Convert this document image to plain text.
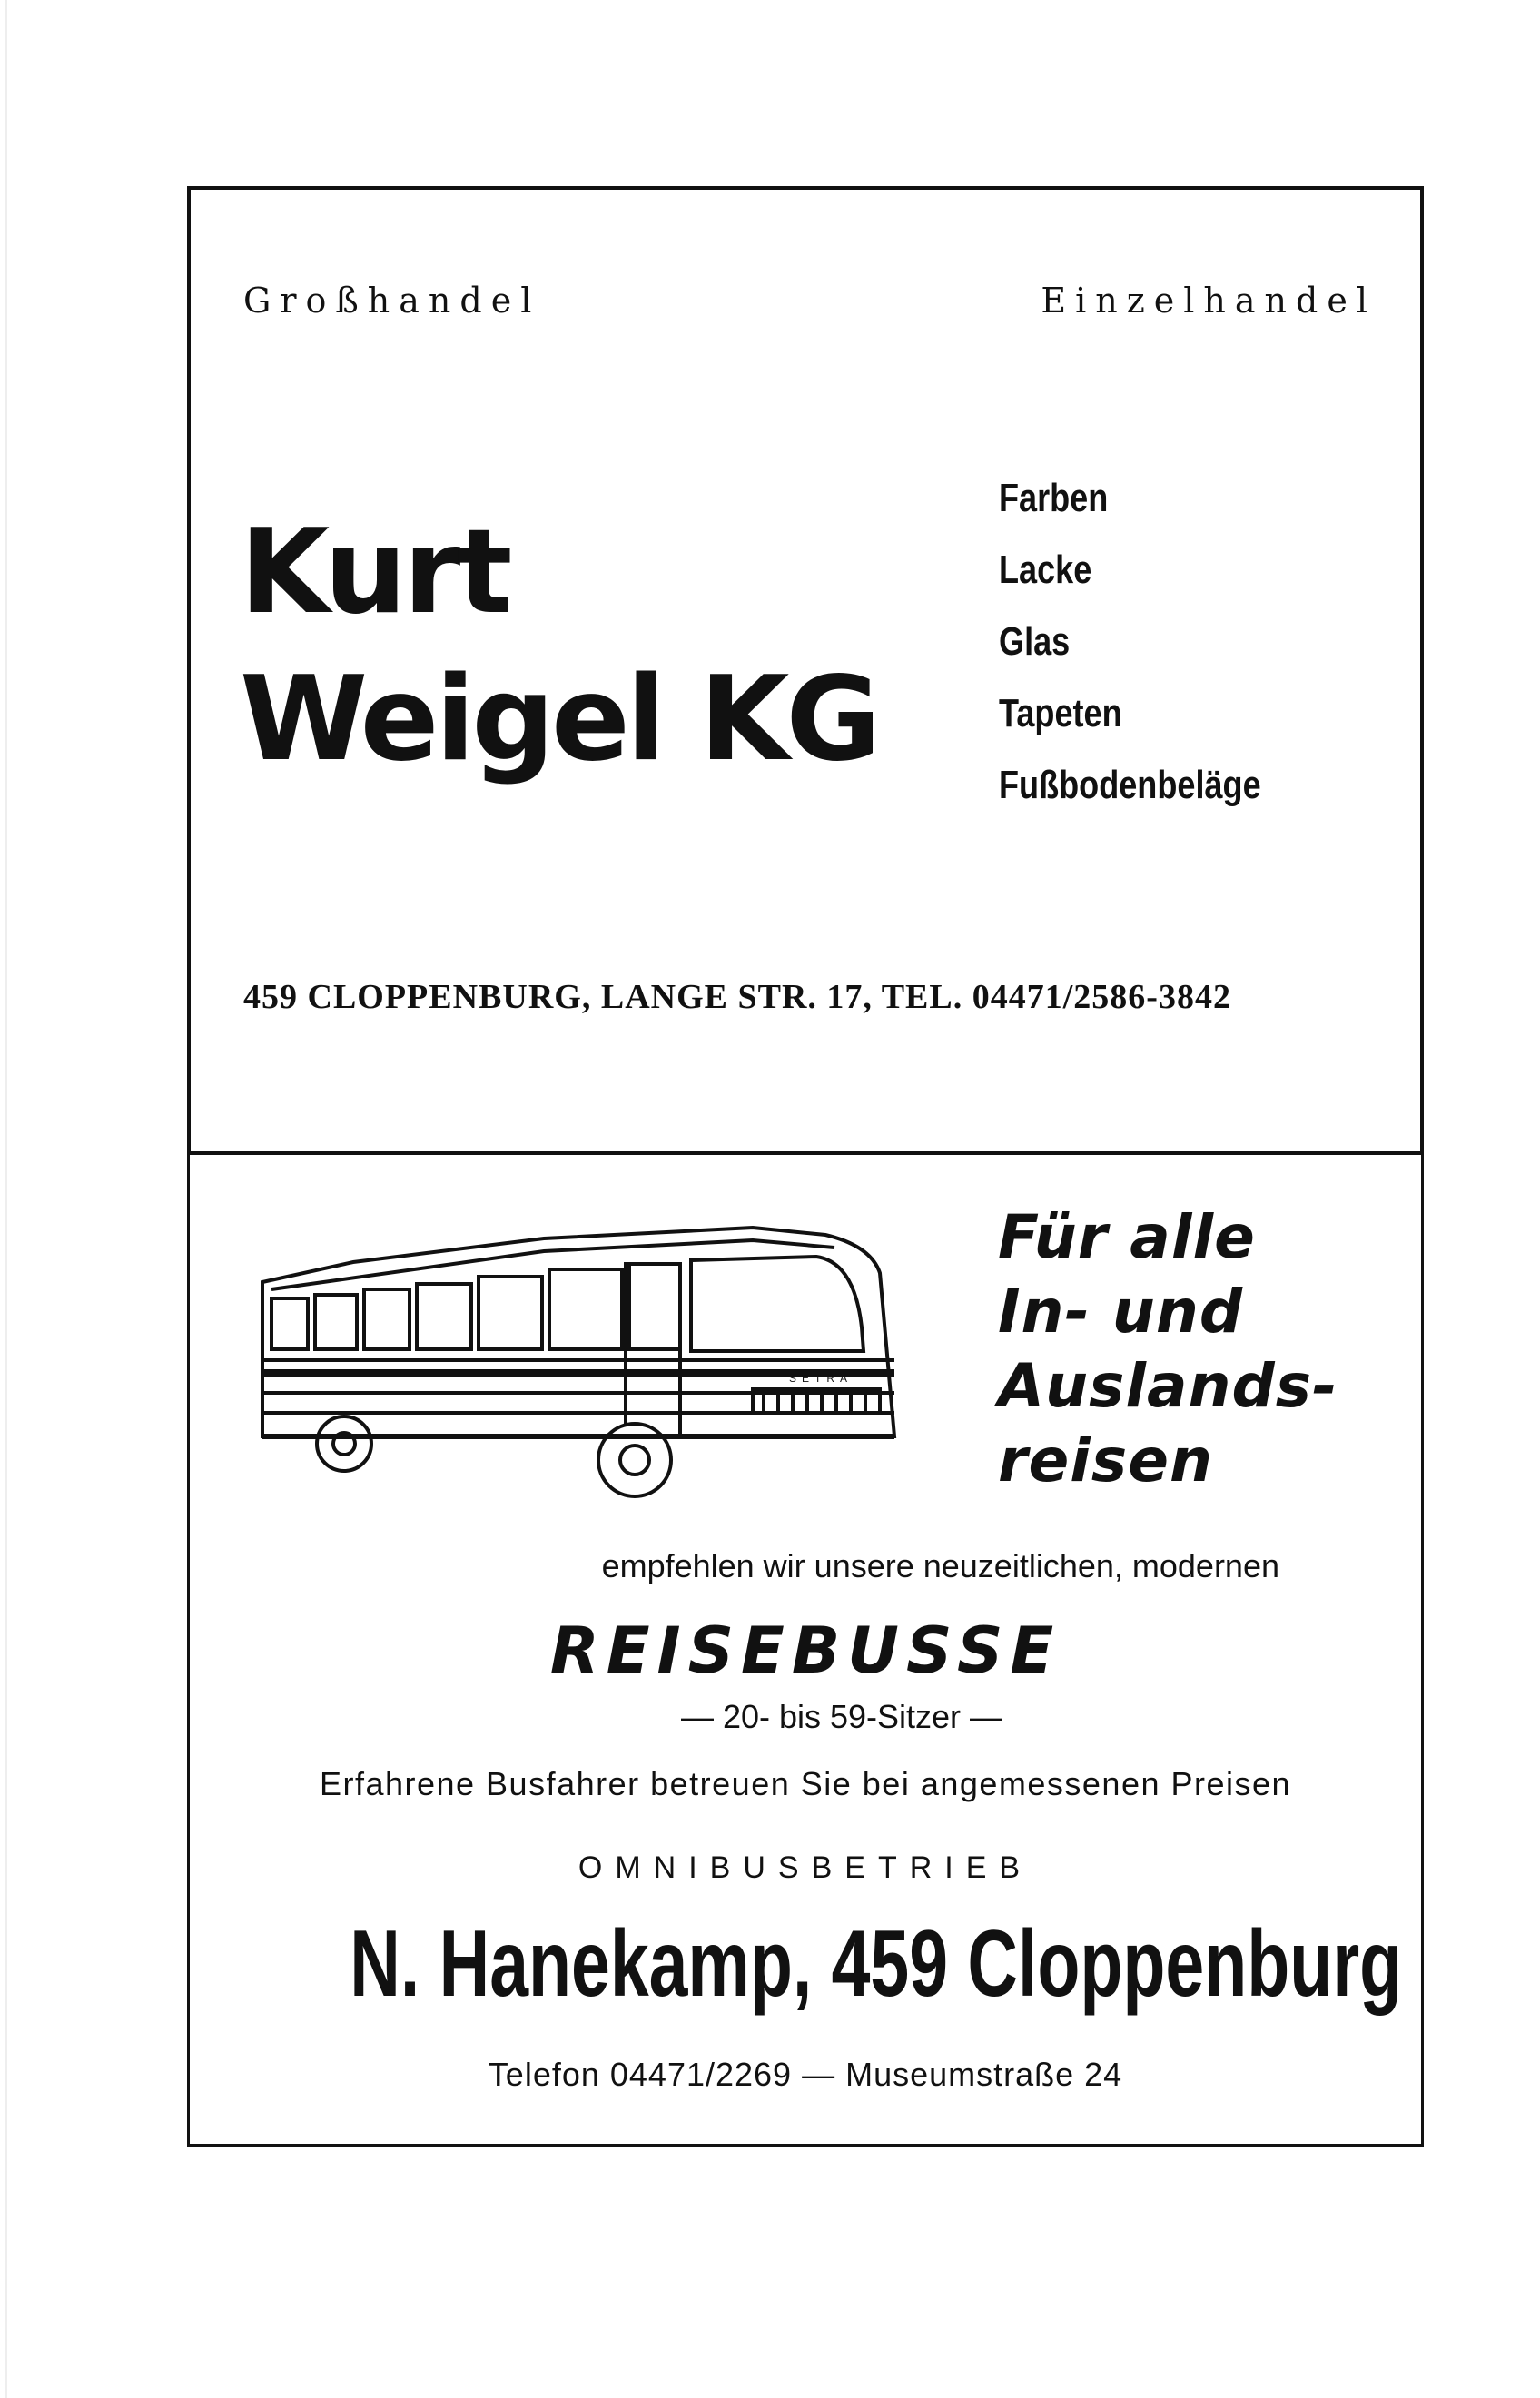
Großhandel	Einzelhandel
Kurt
Weigel KG
Farben
Lacke
Glas
Tapeten
Fußbodenbeläge
459 CLOPPENBURG, LANGE STR. 17, TEL. 04471/2586-3842
SETRA
Für alle
In- und
Auslands-
reisen
empfehlen wir unsere neuzeitlichen, modernen
REISEBUSSE
— 20- bis 59-Sitzer —
Erfahrene Busfahrer betreuen Sie bei angemessenen Preisen
OMNIBUSBETRIEB
N. Hanekamp, 459 Cloppenburg
Telefon 04471/2269 — Museumstraße 24
